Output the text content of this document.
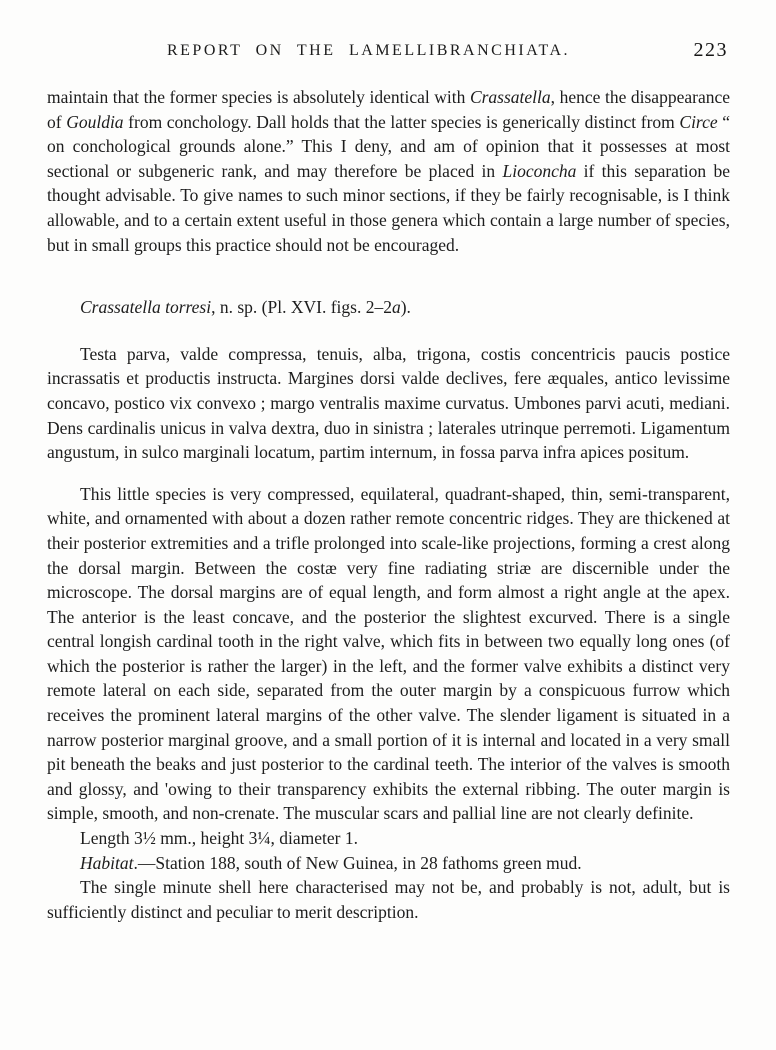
REPORT ON THE LAMELLIBRANCHIATA.	223

maintain that the former species is absolutely identical with Crassatella, hence the disappearance of Gouldia from conchology. Dall holds that the latter species is generically distinct from Circe “ on conchological grounds alone.” This I deny, and am of opinion that it possesses at most sectional or subgeneric rank, and may therefore be placed in Lioconcha if this separation be thought advisable. To give names to such minor sections, if they be fairly recognisable, is I think allowable, and to a certain extent useful in those genera which contain a large number of species, but in small groups this practice should not be encouraged.

Crassatella torresi, n. sp. (Pl. XVI. figs. 2–2a).

Testa parva, valde compressa, tenuis, alba, trigona, costis concentricis paucis postice incrassatis et productis instructa. Margines dorsi valde declives, fere æquales, antico levissime concavo, postico vix convexo ; margo ventralis maxime curvatus. Umbones parvi acuti, mediani. Dens cardinalis unicus in valva dextra, duo in sinistra ; laterales utrinque perremoti. Ligamentum angustum, in sulco marginali locatum, partim internum, in fossa parva infra apices positum.

This little species is very compressed, equilateral, quadrant-shaped, thin, semi-transparent, white, and ornamented with about a dozen rather remote concentric ridges. They are thickened at their posterior extremities and a trifle prolonged into scale-like projections, forming a crest along the dorsal margin. Between the costæ very fine radiating striæ are discernible under the microscope. The dorsal margins are of equal length, and form almost a right angle at the apex. The anterior is the least concave, and the posterior the slightest excurved. There is a single central longish cardinal tooth in the right valve, which fits in between two equally long ones (of which the posterior is rather the larger) in the left, and the former valve exhibits a distinct very remote lateral on each side, separated from the outer margin by a conspicuous furrow which receives the prominent lateral margins of the other valve. The slender ligament is situated in a narrow posterior marginal groove, and a small portion of it is internal and located in a very small pit beneath the beaks and just posterior to the cardinal teeth. The interior of the valves is smooth and glossy, and 'owing to their transparency exhibits the external ribbing. The outer margin is simple, smooth, and non-crenate. The muscular scars and pallial line are not clearly definite.

Length 3½ mm., height 3¼, diameter 1.

Habitat.—Station 188, south of New Guinea, in 28 fathoms green mud.

The single minute shell here characterised may not be, and probably is not, adult, but is sufficiently distinct and peculiar to merit description.
